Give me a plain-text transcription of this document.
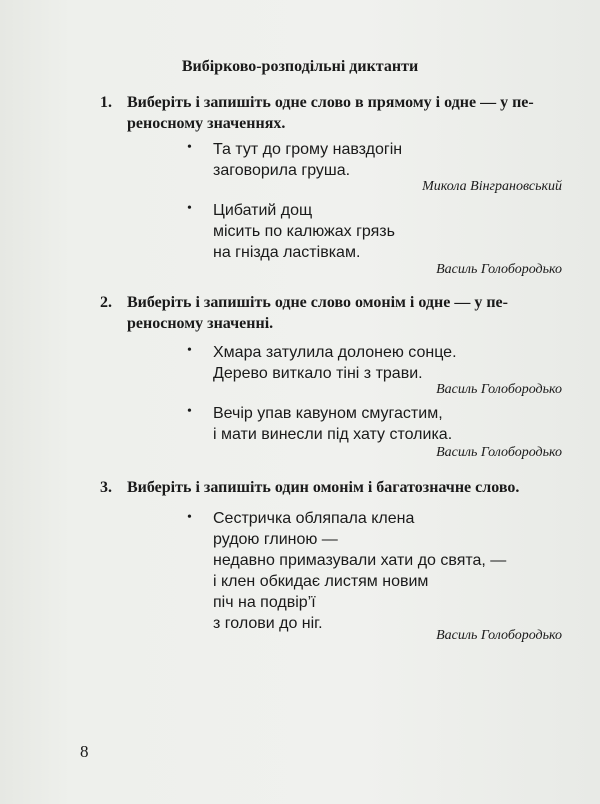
Вибірково-розподільні диктанти
1. Виберіть і запишіть одне слово в прямому і одне — у пе-
реносному значеннях.
• Та тут до грому навздогін
заговорила груша.
Микола Вінграновський
• Цибатий дощ
місить по калюжах грязь
на гнізда ластівкам.
Василь Голобородько
2. Виберіть і запишіть одне слово омонім і одне — у пе-
реносному значенні.
• Хмара затулила долонею сонце.
Дерево виткало тіні з трави.
Василь Голобородько
• Вечір упав кавуном смугастим,
і мати винесли під хату столика.
Василь Голобородько
3. Виберіть і запишіть один омонім і багатозначне слово.
• Сестричка обляпала клена
рудою глиною —
недавно примазували хати до свята, —
і клен обкидає листям новим
піч на подвір’ї
з голови до ніг.
Василь Голобородько
8
